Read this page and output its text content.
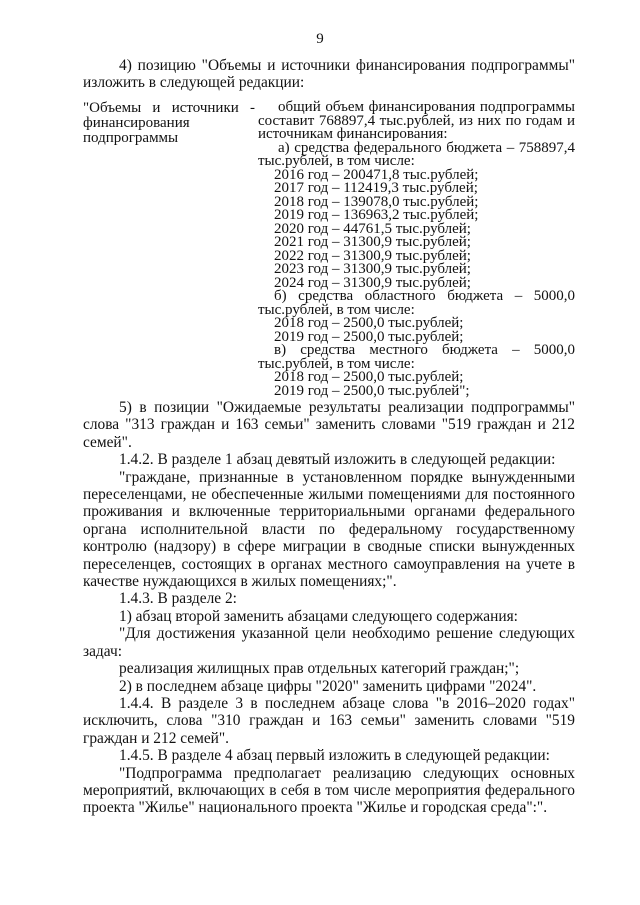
9
4) позицию "Объемы и источники финансирования подпрограммы" изложить в следующей редакции:
"Объемы и источники - финансирования подпрограммы

общий объем финансирования подпрограммы составит 768897,4 тыс.рублей, из них по годам и источникам финансирования:

а) средства федерального бюджета – 758897,4 тыс.рублей, в том числе:

2016 год – 200471,8 тыс.рублей;

2017 год – 112419,3 тыс.рублей;

2018 год – 139078,0 тыс.рублей;

2019 год – 136963,2 тыс.рублей;

2020 год – 44761,5 тыс.рублей;

2021 год – 31300,9 тыс.рублей;

2022 год – 31300,9 тыс.рублей;

2023 год – 31300,9 тыс.рублей;

2024 год – 31300,9 тыс.рублей;

б) средства областного бюджета – 5000,0 тыс.рублей, в том числе:

2018 год – 2500,0 тыс.рублей;

2019 год – 2500,0 тыс.рублей;

в) средства местного бюджета – 5000,0 тыс.рублей, в том числе:

2018 год – 2500,0 тыс.рублей;

2019 год – 2500,0 тыс.рублей";

5) в позиции "Ожидаемые результаты реализации подпрограммы" слова "313 граждан и 163 семьи" заменить словами "519 граждан и 212 семей".

1.4.2. В разделе 1 абзац девятый изложить в следующей редакции:

"граждане, признанные в установленном порядке вынужденными переселенцами, не обеспеченные жилыми помещениями для постоянного проживания и включенные территориальными органами федерального органа исполнительной власти по федеральному государственному контролю (надзору) в сфере миграции в сводные списки вынужденных переселенцев, состоящих в органах местного самоуправления на учете в качестве нуждающихся в жилых помещениях;".

1.4.3. В разделе 2:

1) абзац второй заменить абзацами следующего содержания:

"Для достижения указанной цели необходимо решение следующих задач:

реализация жилищных прав отдельных категорий граждан;";

2) в последнем абзаце цифры "2020" заменить цифрами "2024".

1.4.4. В разделе 3 в последнем абзаце слова "в 2016–2020 годах" исключить, слова "310 граждан и 163 семьи" заменить словами "519 граждан и 212 семей".

1.4.5. В разделе 4 абзац первый изложить в следующей редакции:

"Подпрограмма предполагает реализацию следующих основных мероприятий, включающих в себя в том числе мероприятия федерального проекта "Жилье" национального проекта "Жилье и городская среда":".
